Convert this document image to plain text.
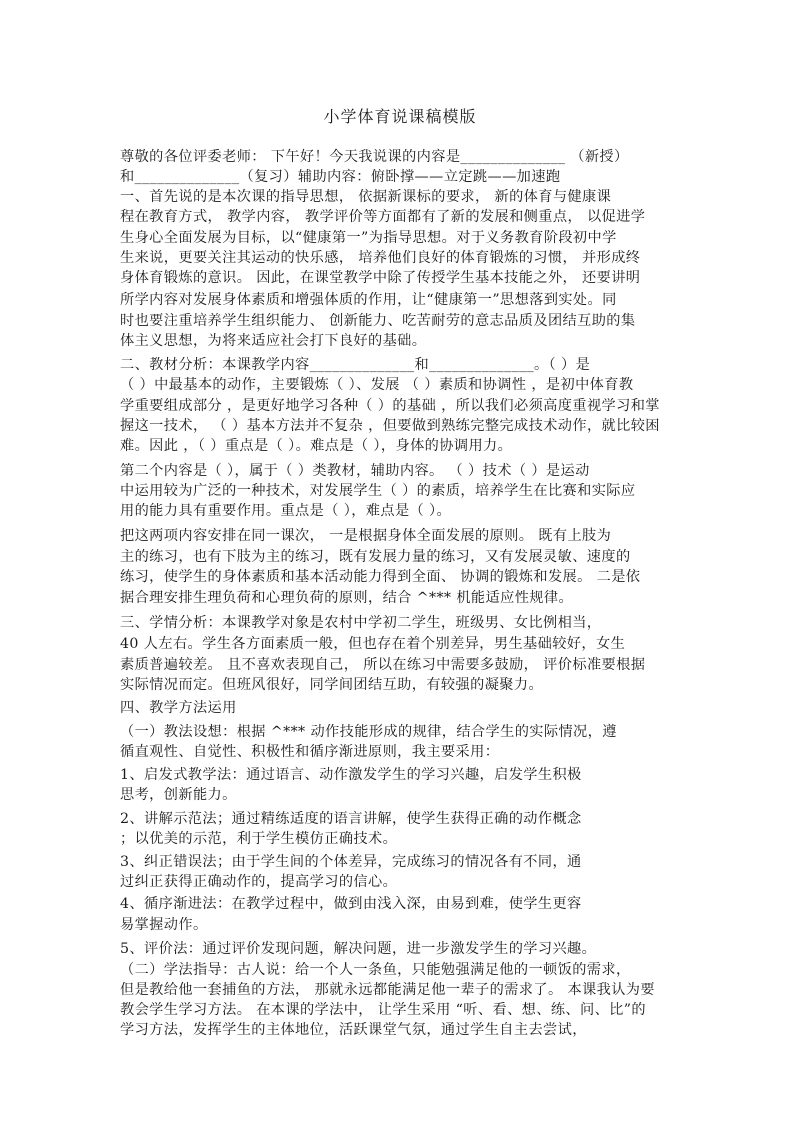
小学体育说课稿模版
尊敬的各位评委老师： 下午好！今天我说课的内容是______________ （新授）
和______________（复习）辅助内容：俯卧撑——立定跳——加速跑
一、首先说的是本次课的指导思想， 依据新课标的要求， 新的体育与健康课
程在教育方式， 教学内容， 教学评价等方面都有了新的发展和侧重点， 以促进学
生身心全面发展为目标，以“健康第一”为指导思想。对于义务教育阶段初中学
生来说，更要关注其运动的快乐感， 培养他们良好的体育锻炼的习惯， 并形成终
身体育锻炼的意识。 因此，在课堂教学中除了传授学生基本技能之外， 还要讲明
所学内容对发展身体素质和增强体质的作用，让“健康第一”思想落到实处。同
时也要注重培养学生组织能力、 创新能力、吃苦耐劳的意志品质及团结互助的集
体主义思想，为将来适应社会打下良好的基础。
二、教材分析：本课教学内容______________和______________。（ ）是
（ ）中最基本的动作，主要锻炼（ ）、发展 （ ）素质和协调性 ，是初中体育教
学重要组成部分 ，是更好地学习各种（ ）的基础 ，所以我们必须高度重视学习和掌
握这一技术， （ ）基本方法并不复杂 ，但要做到熟练完整完成技术动作，就比较困
难。因此 ，（ ）重点是（ ）。难点是（ ），身体的协调用力。
第二个内容是（ ），属于（ ）类教材，辅助内容。 （ ）技术（ ）是运动
中运用较为广泛的一种技术，对发展学生（ ）的素质，培养学生在比赛和实际应
用的能力具有重要作用。重点是（ ），难点是（ ）。
把这两项内容安排在同一课次， 一是根据身体全面发展的原则。 既有上肢为
主的练习，也有下肢为主的练习，既有发展力量的练习，又有发展灵敏、速度的
练习，使学生的身体素质和基本活动能力得到全面、 协调的锻炼和发展。 二是依
据合理安排生理负荷和心理负荷的原则，结合 ^*** 机能适应性规律。
三、学情分析：本课教学对象是农村中学初二学生，班级男、女比例相当，
40 人左右。学生各方面素质一般，但也存在着个别差异，男生基础较好，女生
素质普遍较差。 且不喜欢表现自己， 所以在练习中需要多鼓励， 评价标准要根据
实际情况而定。但班风很好，同学间团结互助，有较强的凝聚力。
四、教学方法运用
（一）教法设想：根据 ^*** 动作技能形成的规律，结合学生的实际情况，遵
循直观性、自觉性、积极性和循序渐进原则，我主要采用：
1、启发式教学法：通过语言、动作激发学生的学习兴趣，启发学生积极
思考，创新能力。
2、讲解示范法；通过精练适度的语言讲解，使学生获得正确的动作概念
；以优美的示范，利于学生模仿正确技术。
3、纠正错误法；由于学生间的个体差异，完成练习的情况各有不同，通
过纠正获得正确动作的，提高学习的信心。
4、循序渐进法：在教学过程中，做到由浅入深，由易到难，使学生更容
易掌握动作。
5、评价法：通过评价发现问题，解决问题，进一步激发学生的学习兴趣。
（二）学法指导：古人说：给一个人一条鱼，只能勉强满足他的一顿饭的需求，
但是教给他一套捕鱼的方法， 那就永远都能满足他一辈子的需求了。 本课我认为要
教会学生学习方法。 在本课的学法中， 让学生采用 “听、看、想、练、问、比”的
学习方法，发挥学生的主体地位，活跃课堂气氛，通过学生自主去尝试，
